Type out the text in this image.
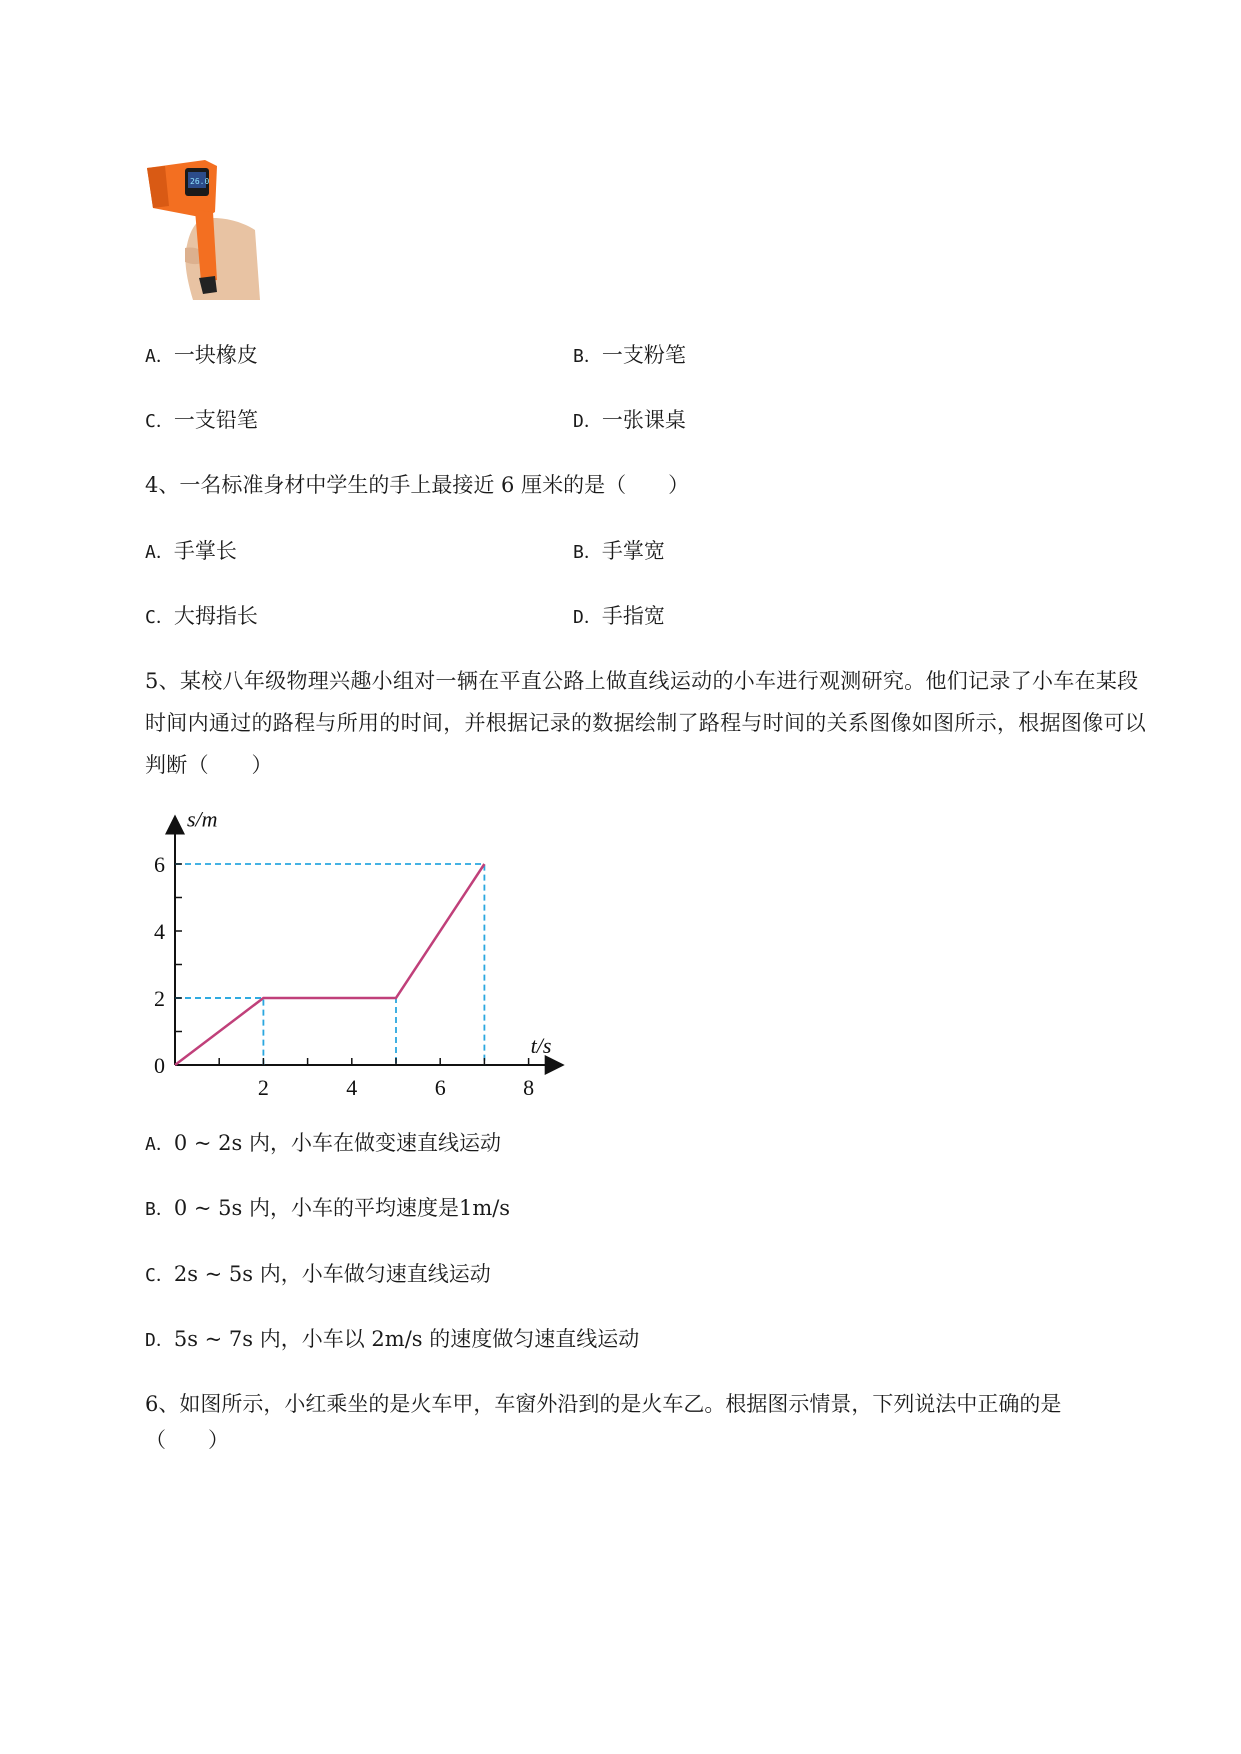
26.0
A．一块橡皮	B．一支粉笔
C．一支铅笔	D．一张课桌
4、一名标准身材中学生的手上最接近 6 厘米的是（　　）
A．手掌长	B．手掌宽
C．大拇指长	D．手指宽
5、某校八年级物理兴趣小组对一辆在平直公路上做直线运动的小车进行观测研究。他们记录了小车在某段时间内通过的路程与所用的时间，并根据记录的数据绘制了路程与时间的关系图像如图所示，根据图像可以判断（　　）
2	4	6	8
2
4
6
0
s/m
t/s
A．0 ~ 2s 内，小车在做变速直线运动
B．0 ~ 5s 内，小车的平均速度是1m/s
C．2s ~ 5s 内，小车做匀速直线运动
D．5s ~ 7s 内，小车以 2m/s 的速度做匀速直线运动
6、如图所示，小红乘坐的是火车甲，车窗外沿到的是火车乙。根据图示情景，下列说法中正确的是
（　　）
